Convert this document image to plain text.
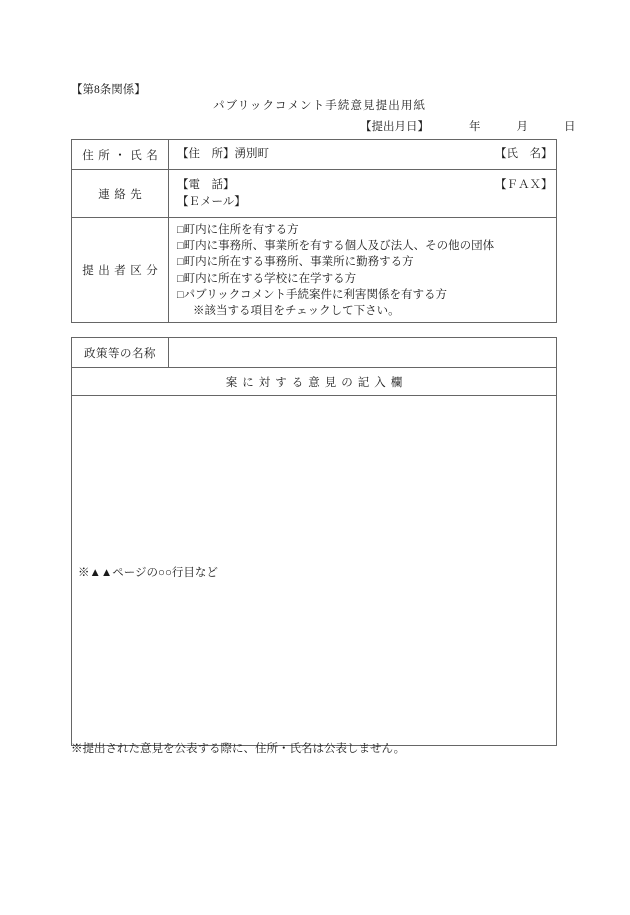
【第8条関係】
パブリックコメント手続意見提出用紙
【提出月日】	年	月	日
住所・氏名	【住　所】湧別町 【氏　名】

連絡先	【電　話】 【ＦＡＸ】
【Ｅメール】

提出者区分	
□町内に住所を有する方
□町内に事務所、事業所を有する個人及び法人、その他の団体
□町内に所在する事務所、事業所に勤務する方
□町内に所在する学校に在学する方
□パブリックコメント手続案件に利害関係を有する方
※該当する項目をチェックして下さい。
政策等の名称	
案に対する意見の記入欄

※▲▲ページの○○行目など
※提出された意見を公表する際に、住所・氏名は公表しません。
